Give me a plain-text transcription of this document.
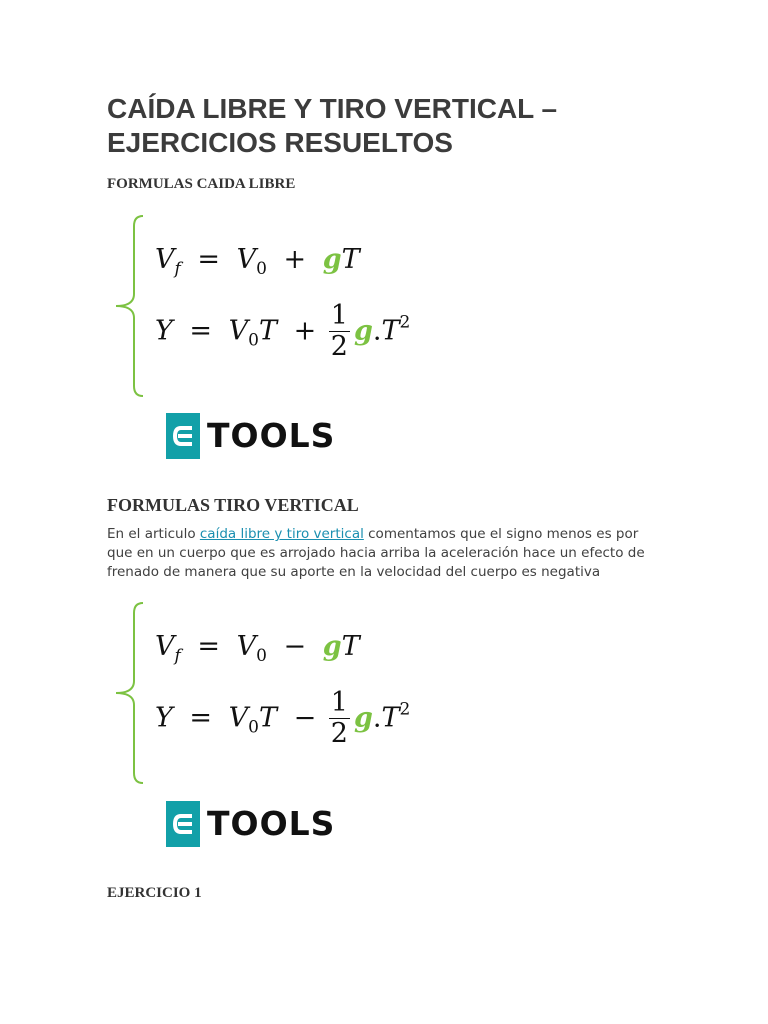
CAÍDA LIBRE Y TIRO VERTICAL – EJERCICIOS RESUELTOS
FORMULAS CAIDA LIBRE
$V_f = V_0$ + gT
$Y = V_0T + \frac{1}{2} g.T^2$
TOOLS
FORMULAS TIRO VERTICAL

En el articulo caída libre y tiro vertical comentamos que el signo menos es por que en un cuerpo que es arrojado hacia arriba la aceleración hace un efecto de frenado de manera que su aporte en la velocidad del cuerpo es negativa

$V_f = V_0$ − gT
$Y = V_0T - \frac{1}{2} g.T^2$
TOOLS
EJERCICIO 1
